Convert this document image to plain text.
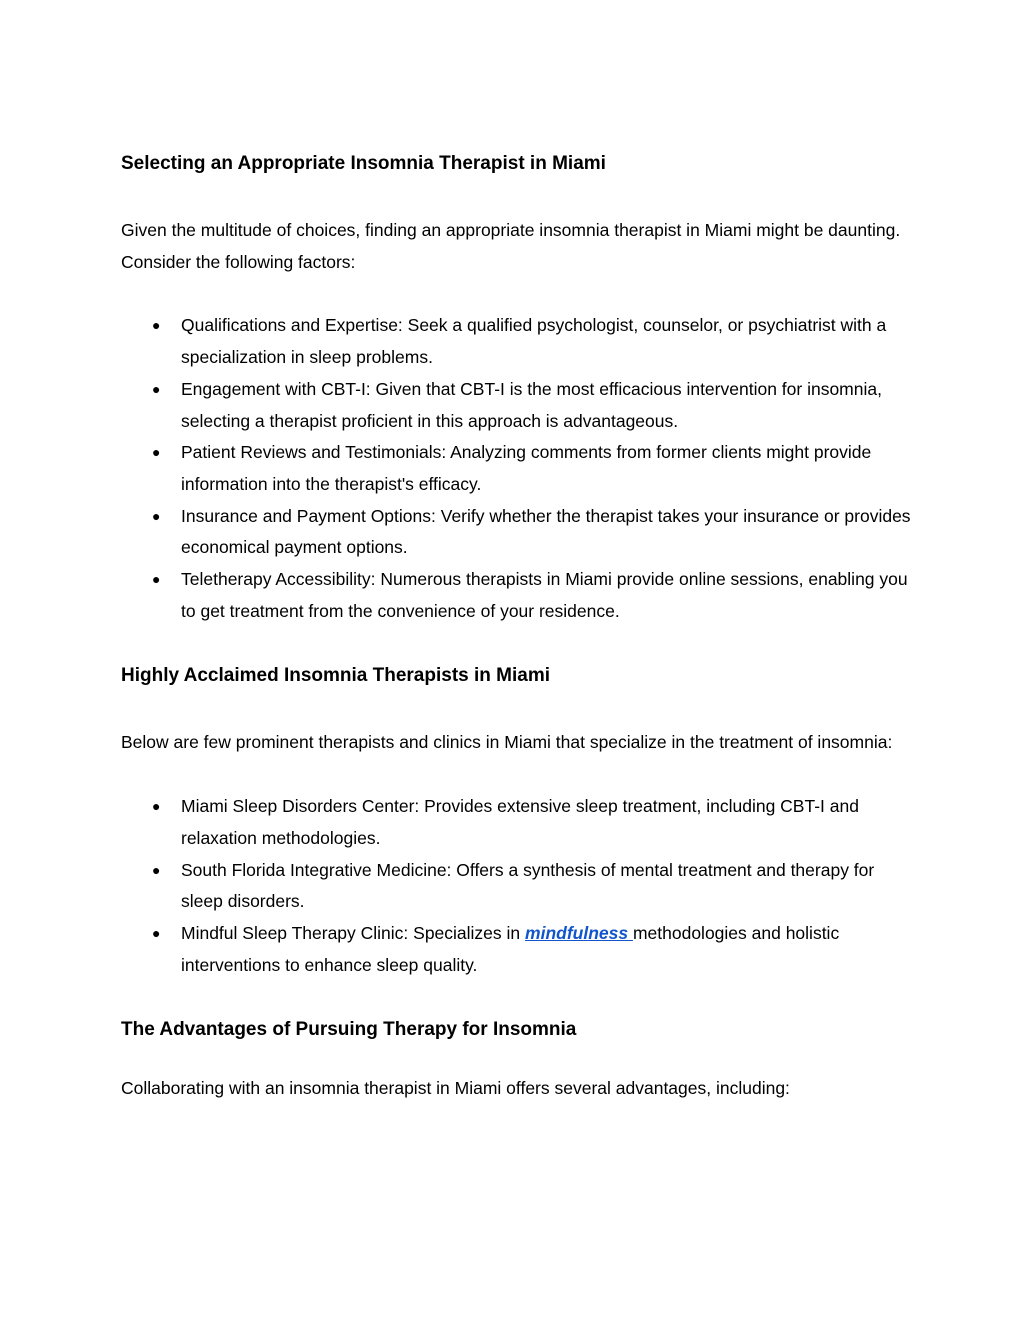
Selecting an Appropriate Insomnia Therapist in Miami

Given the multitude of choices, finding an appropriate insomnia therapist in Miami might be daunting. Consider the following factors:

● Qualifications and Expertise: Seek a qualified psychologist, counselor, or psychiatrist with a specialization in sleep problems.
● Engagement with CBT-I: Given that CBT-I is the most efficacious intervention for insomnia, selecting a therapist proficient in this approach is advantageous.
● Patient Reviews and Testimonials: Analyzing comments from former clients might provide information into the therapist's efficacy.
● Insurance and Payment Options: Verify whether the therapist takes your insurance or provides economical payment options.
● Teletherapy Accessibility: Numerous therapists in Miami provide online sessions, enabling you to get treatment from the convenience of your residence.
Highly Acclaimed Insomnia Therapists in Miami

Below are few prominent therapists and clinics in Miami that specialize in the treatment of insomnia:

● Miami Sleep Disorders Center: Provides extensive sleep treatment, including CBT-I and relaxation methodologies.
● South Florida Integrative Medicine: Offers a synthesis of mental treatment and therapy for sleep disorders.
● Mindful Sleep Therapy Clinic: Specializes in mindfulness methodologies and holistic interventions to enhance sleep quality.
The Advantages of Pursuing Therapy for Insomnia

Collaborating with an insomnia therapist in Miami offers several advantages, including:
